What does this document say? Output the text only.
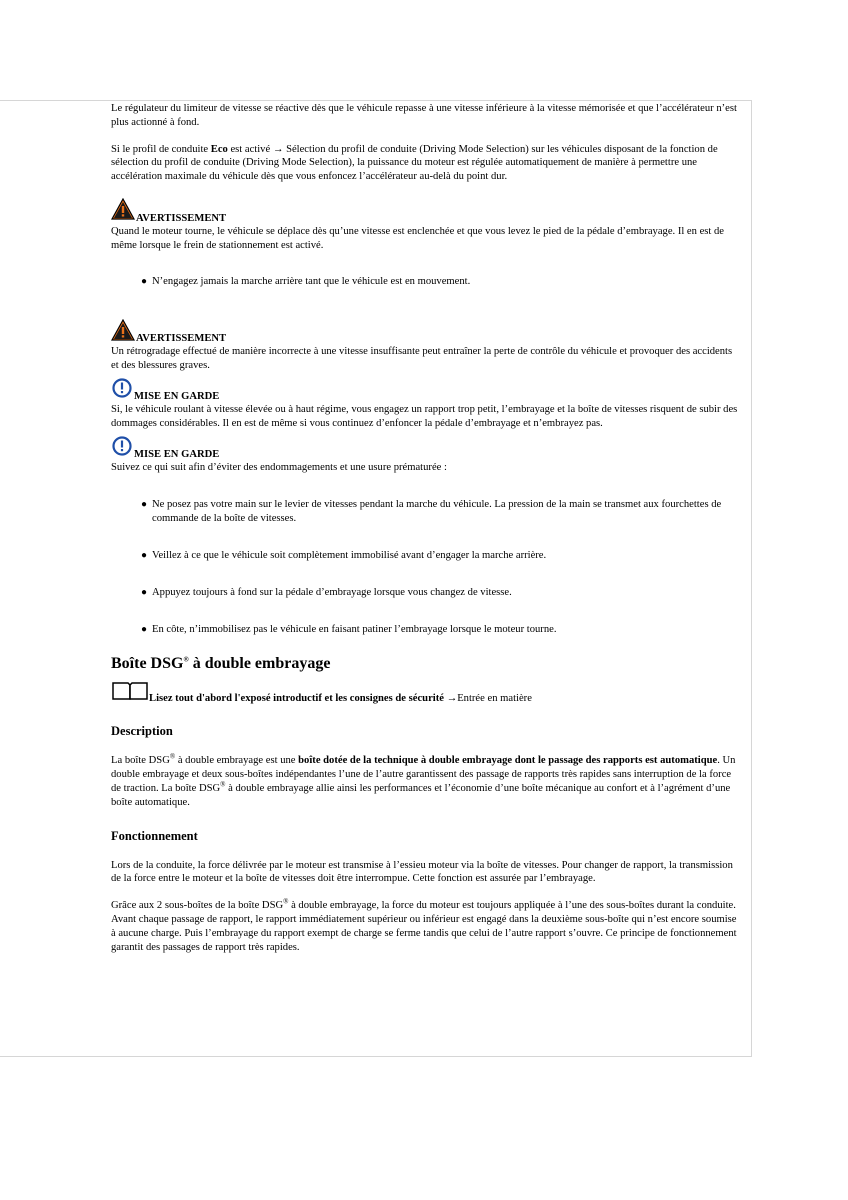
Le régulateur du limiteur de vitesse se réactive dès que le véhicule repasse à une vitesse inférieure à la vitesse mémorisée et que l’accélérateur n’est plus actionné à fond.

Si le profil de conduite Eco est activé → Sélection du profil de conduite (Driving Mode Selection) sur les véhicules disposant de la fonction de sélection du profil de conduite (Driving Mode Selection), la puissance du moteur est régulée automatiquement de manière à permettre une accélération maximale du véhicule dès que vous enfoncez l’accélérateur au-delà du point dur.

AVERTISSEMENT

Quand le moteur tourne, le véhicule se déplace dès qu’une vitesse est enclenchée et que vous levez le pied de la pédale d’embrayage. Il en est de même lorsque le frein de stationnement est activé.

● N’engagez jamais la marche arrière tant que le véhicule est en mouvement.
AVERTISSEMENT

Un rétrogradage effectué de manière incorrecte à une vitesse insuffisante peut entraîner la perte de contrôle du véhicule et provoquer des accidents et des blessures graves.

MISE EN GARDE

Si, le véhicule roulant à vitesse élevée ou à haut régime, vous engagez un rapport trop petit, l’embrayage et la boîte de vitesses risquent de subir des dommages considérables. Il en est de même si vous continuez d’enfoncer la pédale d’embrayage et n’embrayez pas.

MISE EN GARDE

Suivez ce qui suit afin d’éviter des endommagements et une usure prématurée :

● Ne posez pas votre main sur le levier de vitesses pendant la marche du véhicule. La pression de la main se transmet aux fourchettes de commande de la boîte de vitesses.
● Veillez à ce que le véhicule soit complètement immobilisé avant d’engager la marche arrière.
● Appuyez toujours à fond sur la pédale d’embrayage lorsque vous changez de vitesse.
● En côte, n’immobilisez pas le véhicule en faisant patiner l’embrayage lorsque le moteur tourne.
Boîte DSG® à double embrayage
Lisez tout d'abord l'exposé introductif et les consignes de sécurité →Entrée en matière
Description

La boîte DSG® à double embrayage est une boîte dotée de la technique à double embrayage dont le passage des rapports est automatique. Un double embrayage et deux sous-boîtes indépendantes l’une de l’autre garantissent des passage de rapports très rapides sans interruption de la force de traction. La boîte DSG® à double embrayage allie ainsi les performances et l’économie d’une boîte mécanique au confort et à l’agrément d’une boîte automatique.

Fonctionnement

Lors de la conduite, la force délivrée par le moteur est transmise à l’essieu moteur via la boîte de vitesses. Pour changer de rapport, la transmission de la force entre le moteur et la boîte de vitesses doit être interrompue. Cette fonction est assurée par l’embrayage.

Grâce aux 2 sous-boîtes de la boîte DSG® à double embrayage, la force du moteur est toujours appliquée à l’une des sous-boîtes durant la conduite. Avant chaque passage de rapport, le rapport immédiatement supérieur ou inférieur est engagé dans la deuxième sous-boîte qui n’est encore soumise à aucune charge. Puis l’embrayage du rapport exempt de charge se ferme tandis que celui de l’autre rapport s’ouvre. Ce principe de fonctionnement garantit des passages de rapport très rapides.
